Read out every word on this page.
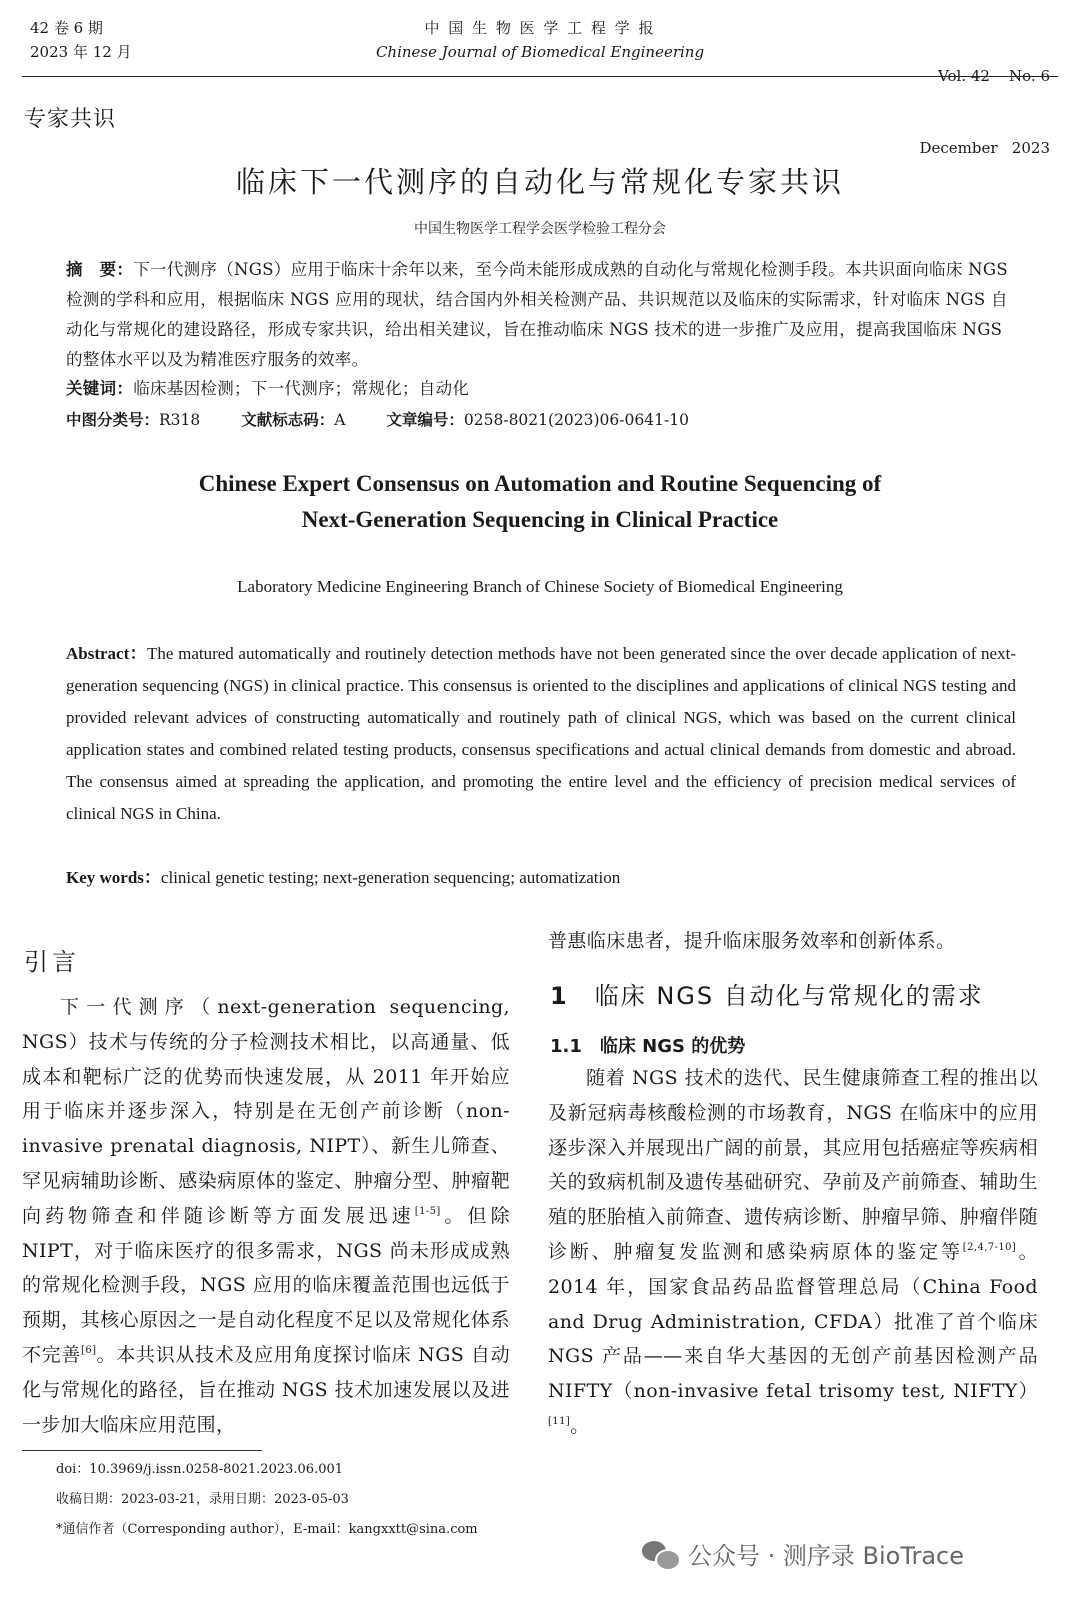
42 卷 6 期
2023 年 12 月
中 国 生 物 医 学 工 程 学 报
Chinese Journal of Biomedical Engineering

Vol. 42    No. 6

December   2023

专家共识
临床下一代测序的自动化与常规化专家共识
中国生物医学工程学会医学检验工程分会
摘　要：下一代测序（NGS）应用于临床十余年以来，至今尚未能形成成熟的自动化与常规化检测手段。本共识面向临床 NGS 检测的学科和应用，根据临床 NGS 应用的现状，结合国内外相关检测产品、共识规范以及临床的实际需求，针对临床 NGS 自动化与常规化的建设路径，形成专家共识，给出相关建议，旨在推动临床 NGS 技术的进一步推广及应用，提高我国临床 NGS 的整体水平以及为精准医疗服务的效率。
关键词：临床基因检测；下一代测序；常规化；自动化
中图分类号：R318	文献标志码：A	文章编号：0258-8021(2023)06-0641-10
Chinese Expert Consensus on Automation and Routine Sequencing of
Next-Generation Sequencing in Clinical Practice
Laboratory Medicine Engineering Branch of Chinese Society of Biomedical Engineering
Abstract：The matured automatically and routinely detection methods have not been generated since the over decade application of next-generation sequencing (NGS) in clinical practice. This consensus is oriented to the disciplines and applications of clinical NGS testing and provided relevant advices of constructing automatically and routinely path of clinical NGS, which was based on the current clinical application states and combined related testing products, consensus specifications and actual clinical demands from domestic and abroad. The consensus aimed at spreading the application, and promoting the entire level and the efficiency of precision medical services of clinical NGS in China.
Key words：clinical genetic testing; next-generation sequencing; automatization
引言

下一代测序（next-generation sequencing, NGS）技术与传统的分子检测技术相比，以高通量、低成本和靶标广泛的优势而快速发展，从 2011 年开始应用于临床并逐步深入，特别是在无创产前诊断（non-invasive prenatal diagnosis, NIPT）、新生儿筛查、罕见病辅助诊断、感染病原体的鉴定、肿瘤分型、肿瘤靶向药物筛查和伴随诊断等方面发展迅速[1-5]。但除 NIPT，对于临床医疗的很多需求，NGS 尚未形成成熟的常规化检测手段，NGS 应用的临床覆盖范围也远低于预期，其核心原因之一是自动化程度不足以及常规化体系不完善[6]。本共识从技术及应用角度探讨临床 NGS 自动化与常规化的路径，旨在推动 NGS 技术加速发展以及进一步加大临床应用范围，

普惠临床患者，提升临床服务效率和创新体系。
1 临床 NGS 自动化与常规化的需求
1.1 临床 NGS 的优势

随着 NGS 技术的迭代、民生健康筛查工程的推出以及新冠病毒核酸检测的市场教育，NGS 在临床中的应用逐步深入并展现出广阔的前景，其应用包括癌症等疾病相关的致病机制及遗传基础研究、孕前及产前筛查、辅助生殖的胚胎植入前筛查、遗传病诊断、肿瘤早筛、肿瘤伴随诊断、肿瘤复发监测和感染病原体的鉴定等[2,4,7-10]。2014 年，国家食品药品监督管理总局（China Food and Drug Administration, CFDA）批准了首个临床 NGS 产品——来自华大基因的无创产前基因检测产品 NIFTY（non-invasive fetal trisomy test, NIFTY）[11]。

doi：10.3969/j.issn.0258-8021.2023.06.001
收稿日期：2023-03-21，录用日期：2023-05-03
*通信作者（Corresponding author），E-mail：kangxxtt@sina.com
公众号 · 测序录 BioTrace
